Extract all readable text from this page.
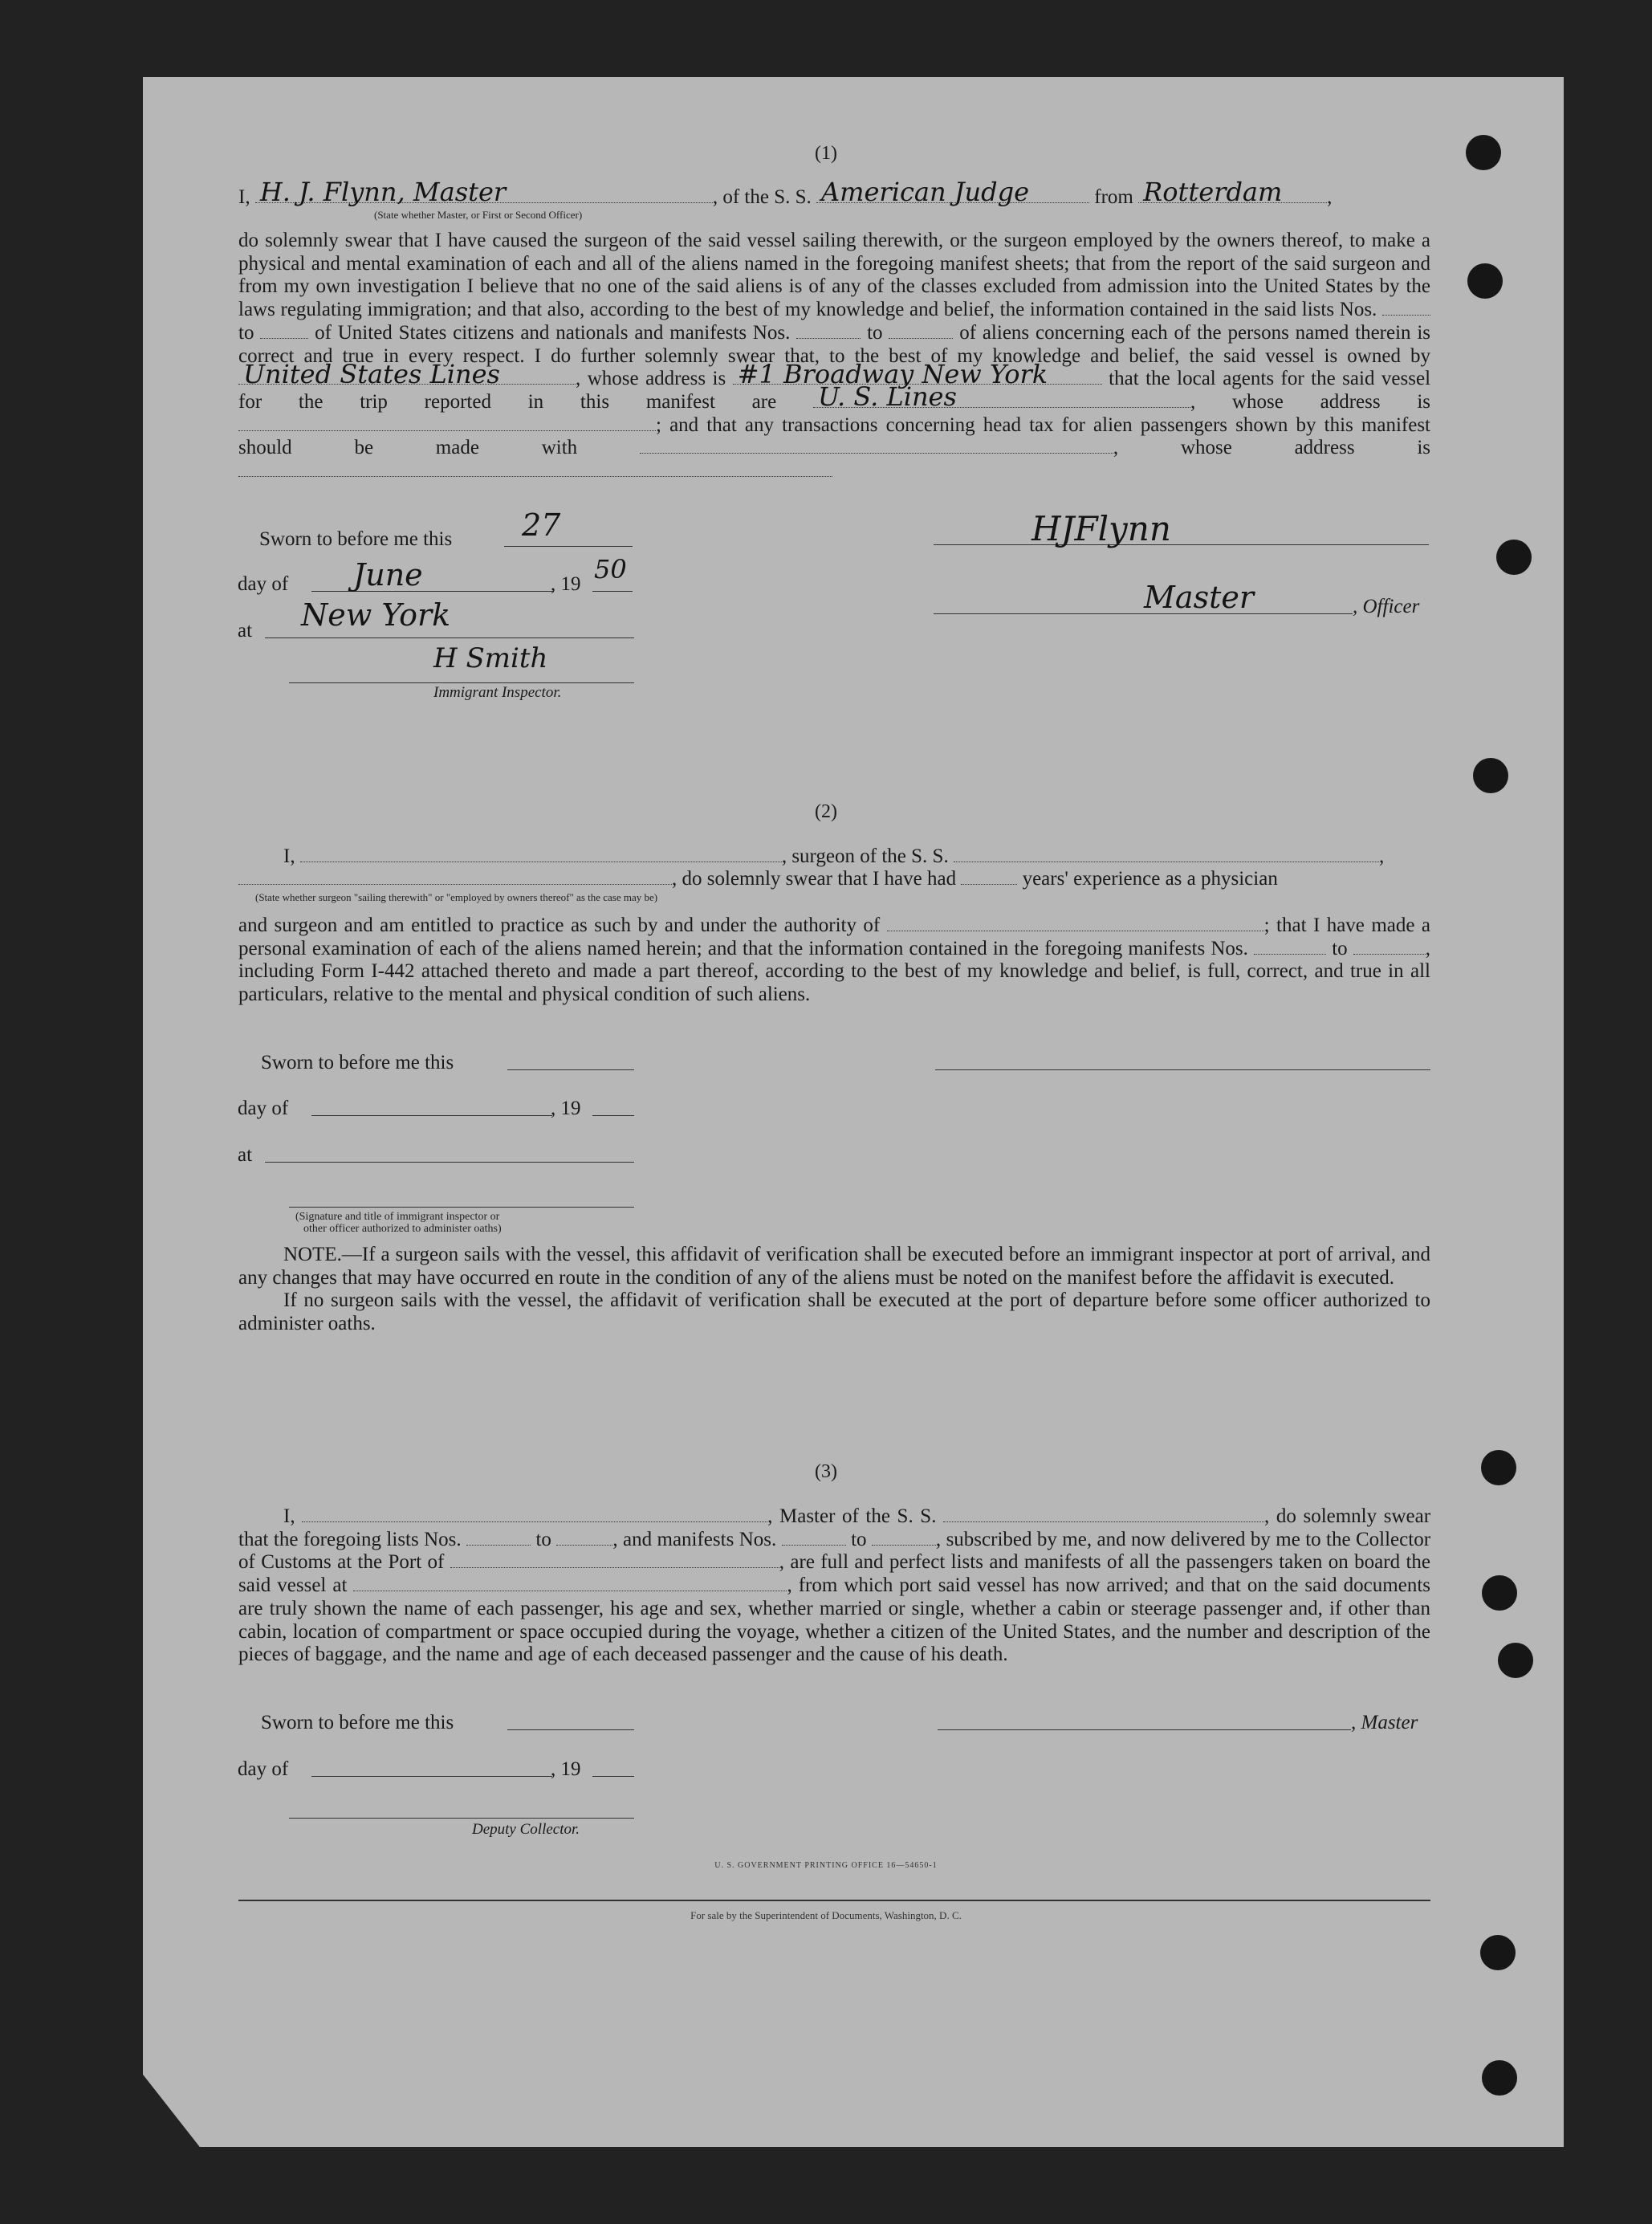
(1)

I, H. J. Flynn, Master	, of the S. S. American Judge	from Rotterdam ,

(State whether Master, or First or Second Officer)

do solemnly swear that I have caused the surgeon of the said vessel sailing therewith, or the surgeon employed by the owners thereof, to make a physical and mental examination of each and all of the aliens named in the foregoing manifest sheets; that from the report of the said surgeon and from my own investigation I believe that no one of the said aliens is of any of the classes excluded from admission into the United States by the laws regulating immigration; and that also, according to the best of my knowledge and belief, the information contained in the said lists Nos.  to	of United States citizens and nationals and manifests Nos.	to	of aliens concerning each of the persons named therein is correct and true in every respect. I do further solemnly swear that, to the best of my knowledge and belief, the said vessel is owned by
United States Lines	, whose address is #1 Broadway New York	that the local agents for the said vessel for the trip reported in this manifest are U. S. Lines	, whose address is ; and that any transactions concerning head tax for alien passengers shown by this manifest should be made with	, whose address is

Sworn to before me this 27
day of June	, 19 50
at New York
H Smith
Immigrant Inspector.
HJFlynn
Master	, Officer
(2)

I,	, surgeon of the S. S.	,

, do solemnly swear that I have had	years' experience as a physician

(State whether surgeon "sailing therewith" or "employed by owners thereof" as the case may be)

and surgeon and am entitled to practice as such by and under the authority of	; that I have made a personal examination of each of the aliens named herein; and that the information contained in the foregoing manifests Nos.	to	, including Form I-442 attached thereto and made a part thereof, according to the best of my knowledge and belief, is full, correct, and true in all particulars, relative to the mental and physical condition of such aliens.

Sworn to before me this
day of	, 19
at
(Signature and title of immigrant inspector or
other officer authorized to administer oaths)

NOTE.—If a surgeon sails with the vessel, this affidavit of verification shall be executed before an immigrant inspector at port of arrival, and any changes that may have occurred en route in the condition of any of the aliens must be noted on the manifest before the affidavit is executed.

If no surgeon sails with the vessel, the affidavit of verification shall be executed at the port of departure before some officer authorized to administer oaths.

(3)

I,	, Master of the S. S.	, do solemnly swear that the foregoing lists Nos.	to	, and manifests Nos.	to	, subscribed by me, and now delivered by me to the Collector of Customs at the Port of	, are full and perfect lists and manifests of all the passengers taken on board the said vessel at	, from which port said vessel has now arrived; and that on the said documents are truly shown the name of each passenger, his age and sex, whether married or single, whether a cabin or steerage passenger and, if other than cabin, location of compartment or space occupied during the voyage, whether a citizen of the United States, and the number and description of the pieces of baggage, and the name and age of each deceased passenger and the cause of his death.

Sworn to before me this	, Master
day of	, 19
Deputy Collector.
U. S. GOVERNMENT PRINTING OFFICE 16—54650-1
For sale by the Superintendent of Documents, Washington, D. C.
